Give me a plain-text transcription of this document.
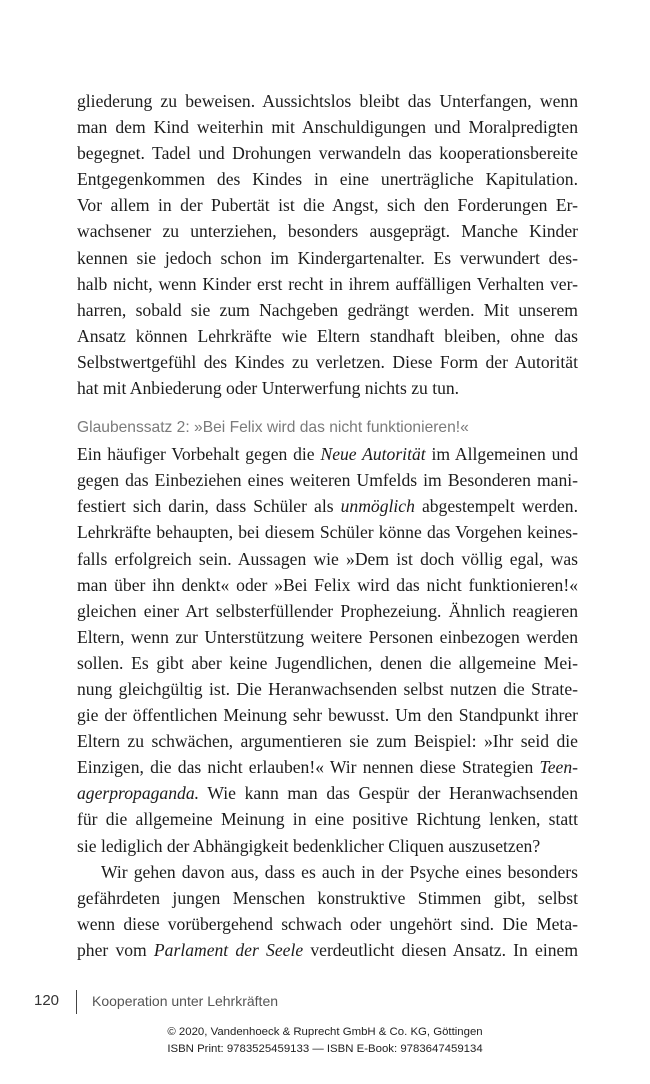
gliederung zu beweisen. Aussichtslos bleibt das Unterfangen, wenn
man dem Kind weiterhin mit Anschuldigungen und Moralpredigten
begegnet. Tadel und Drohungen verwandeln das kooperationsbereite
Entgegenkommen des Kindes in eine unerträgliche Kapitulation.
Vor allem in der Pubertät ist die Angst, sich den Forderungen Er-
wachsener zu unterziehen, besonders ausgeprägt. Manche Kinder
kennen sie jedoch schon im Kindergartenalter. Es verwundert des-
halb nicht, wenn Kinder erst recht in ihrem auffälligen Verhalten ver-
harren, sobald sie zum Nachgeben gedrängt werden. Mit unserem
Ansatz können Lehrkräfte wie Eltern standhaft bleiben, ohne das
Selbstwertgefühl des Kindes zu verletzen. Diese Form der Autorität
hat mit Anbiederung oder Unterwerfung nichts zu tun.
Glaubenssatz 2: »Bei Felix wird das nicht funktionieren!«
Ein häufiger Vorbehalt gegen die Neue Autorität im Allgemeinen und
gegen das Einbeziehen eines weiteren Umfelds im Besonderen mani-
festiert sich darin, dass Schüler als unmöglich abgestempelt werden.
Lehrkräfte behaupten, bei diesem Schüler könne das Vorgehen keines-
falls erfolgreich sein. Aussagen wie »Dem ist doch völlig egal, was
man über ihn denkt« oder »Bei Felix wird das nicht funktionieren!«
gleichen einer Art selbsterfüllender Prophezeiung. Ähnlich reagieren
Eltern, wenn zur Unterstützung weitere Personen einbezogen werden
sollen. Es gibt aber keine Jugendlichen, denen die allgemeine Mei-
nung gleichgültig ist. Die Heranwachsenden selbst nutzen die Strate-
gie der öffentlichen Meinung sehr bewusst. Um den Standpunkt ihrer
Eltern zu schwächen, argumentieren sie zum Beispiel: »Ihr seid die
Einzigen, die das nicht erlauben!« Wir nennen diese Strategien Teen-
agerpropaganda. Wie kann man das Gespür der Heranwachsenden
für die allgemeine Meinung in eine positive Richtung lenken, statt
sie lediglich der Abhängigkeit bedenklicher Cliquen auszusetzen?
Wir gehen davon aus, dass es auch in der Psyche eines besonders
gefährdeten jungen Menschen konstruktive Stimmen gibt, selbst
wenn diese vorübergehend schwach oder ungehört sind. Die Meta-
pher vom Parlament der Seele verdeutlicht diesen Ansatz. In einem
120 Kooperation unter Lehrkräften
© 2020, Vandenhoeck & Ruprecht GmbH & Co. KG, Göttingen
ISBN Print: 9783525459133 — ISBN E-Book: 9783647459134
